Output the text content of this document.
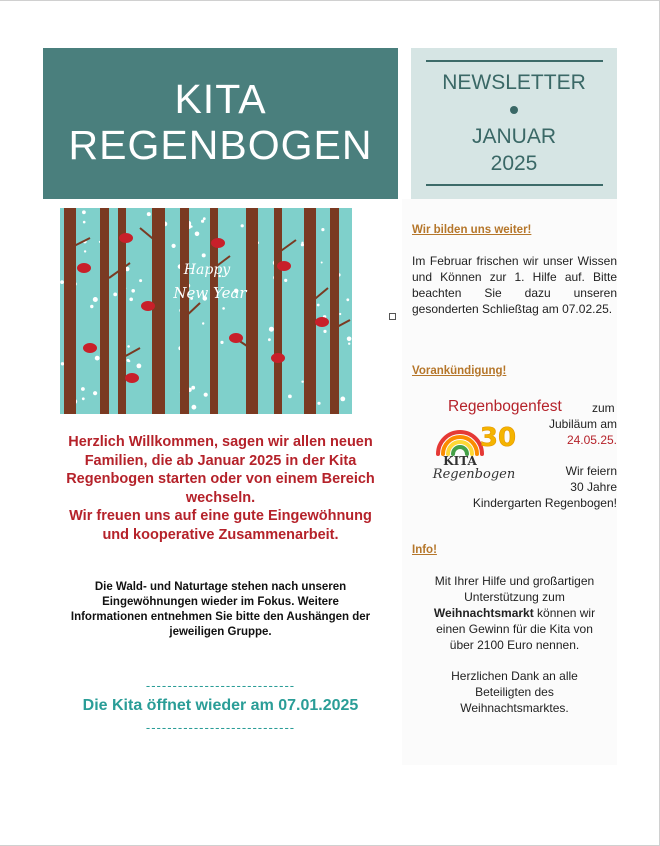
KITA
REGENBOGEN
NEWSLETTER
JANUAR
2025
Happy
New Year
Herzlich Willkommen, sagen wir allen neuen
Familien, die ab Januar 2025 in der Kita
Regenbogen starten oder von einem Bereich
wechseln.
Wir freuen uns auf eine gute Eingewöhnung
und kooperative Zusammenarbeit.
Die Wald- und Naturtage stehen nach unseren
Eingewöhnungen wieder im Fokus. Weitere
Informationen entnehmen Sie bitte den Aushängen der
jeweiligen Gruppe.
----------------------------
Die Kita öffnet wieder am 07.01.2025
----------------------------
Wir bilden uns weiter!
Im Februar frischen wir unser Wissen und Können zur 1. Hilfe auf. Bitte beachten Sie dazu unseren gesonderten Schließtag am 07.02.25.
Vorankündigung!
Regenbogenfest	zum
Jubiläum am
24.05.25.
30
KITA
Regenbogen	Wir feiern
30 Jahre
Kindergarten Regenbogen!
Info!
Mit Ihrer Hilfe und großartigen
Unterstützung zum
Weihnachtsmarkt können wir
einen Gewinn für die Kita von
über 2100 Euro nennen.
Herzlichen Dank an alle
Beteiligten des
Weihnachtsmarktes.
